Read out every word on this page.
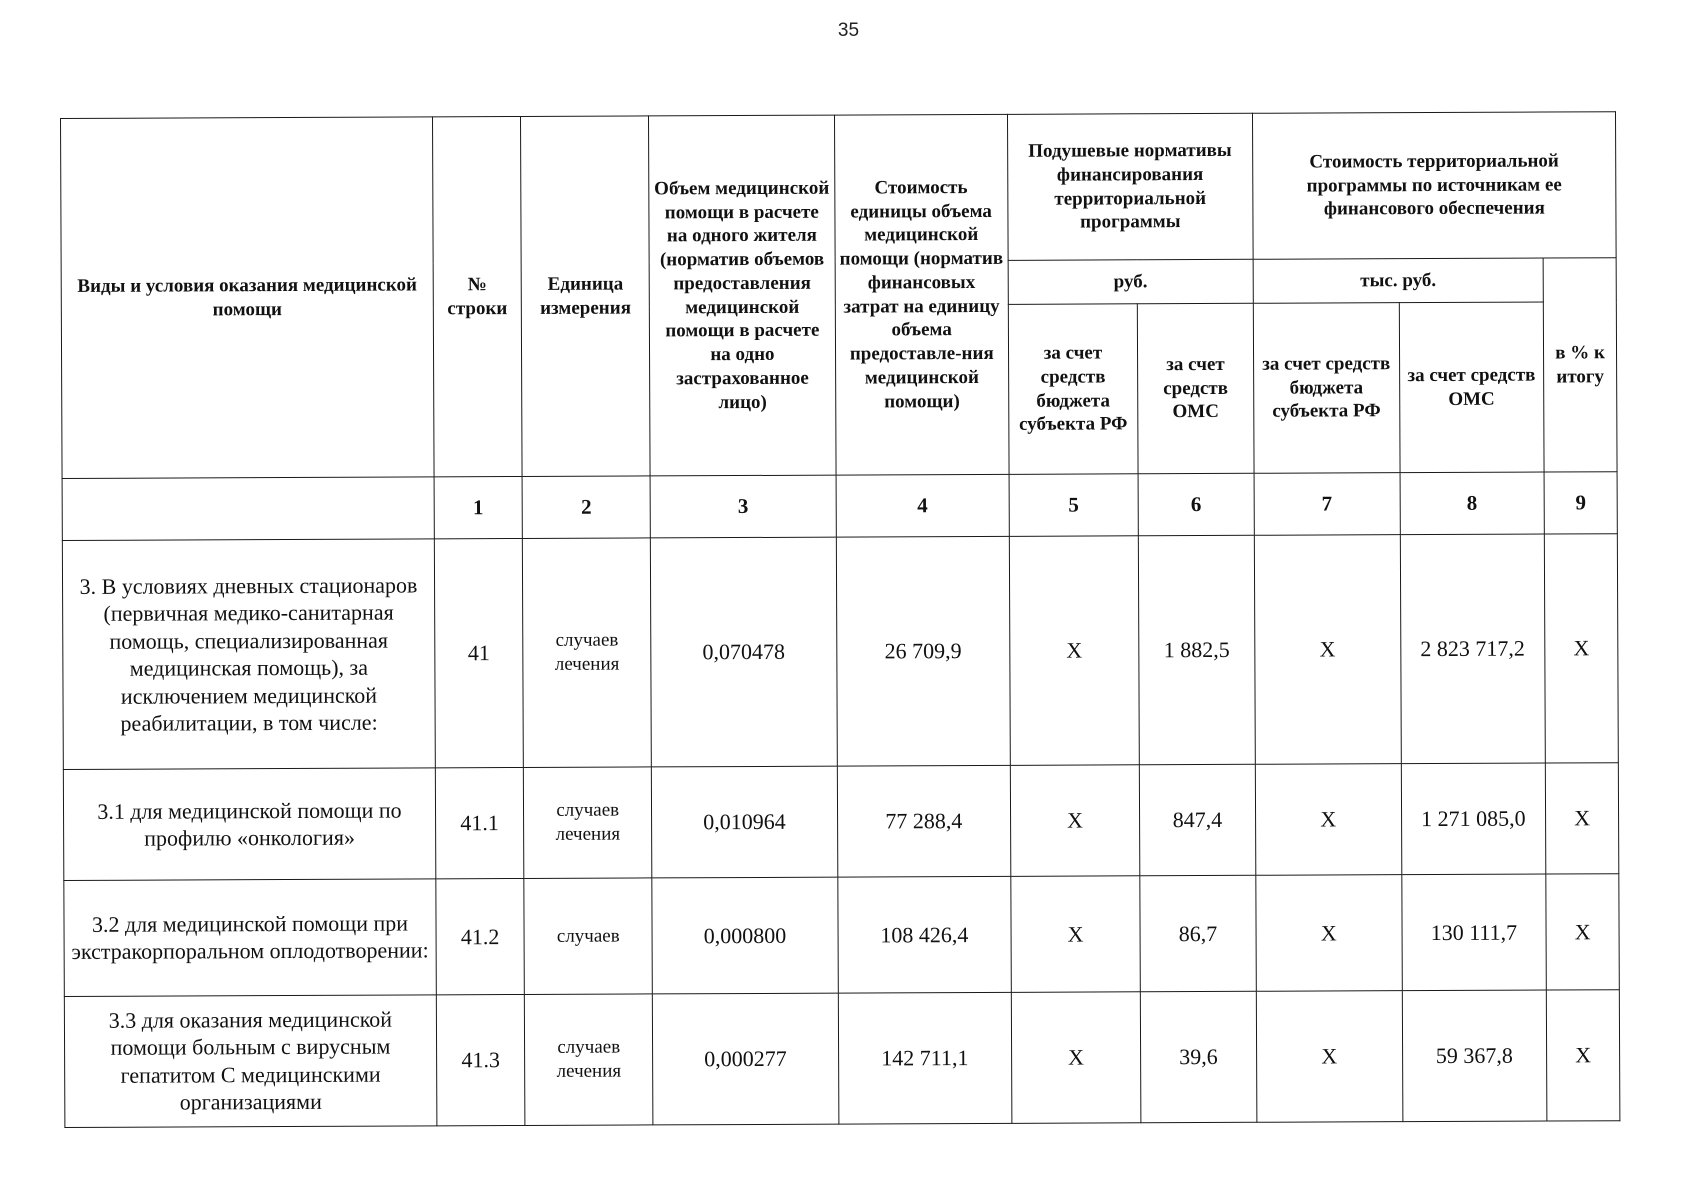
35
Виды и условия оказания медицинской помощи	№ строки	Единица измерения	Объем медицинской помощи в расчете на одного жителя (норматив объемов предоставления медицинской помощи в расчете на одно застрахованное лицо)	Стоимость единицы объема медицинской помощи (норматив финансовых затрат на единицу объема предоставле-ния медицинской помощи)	Подушевые нормативы финансирования территориальной программы		Стоимость территориальной программы по источникам ее финансового обеспечения		
					руб.		тыс. руб.		в % к итогу
					за счет средств бюджета субъекта РФ	за счет средств ОМС	за счет средств бюджета субъекта РФ	за счет средств ОМС	
	1	2	3	4	5	6	7	8	9
3. В условиях дневных стационаров (первичная медико-санитарная помощь, специализированная медицинская помощь), за исключением медицинской реабилитации, в том числе:	41	случаев лечения	0,070478	26 709,9	X	1 882,5	X	2 823 717,2	X
3.1 для медицинской помощи по профилю «онкология»	41.1	случаев лечения	0,010964	77 288,4	X	847,4	X	1 271 085,0	X
3.2 для медицинской помощи при экстракорпоральном оплодотворении:	41.2	случаев	0,000800	108 426,4	X	86,7	X	130 111,7	X
3.3 для оказания медицинской помощи больным с вирусным гепатитом С медицинскими организациями	41.3	случаев лечения	0,000277	142 711,1	X	39,6	X	59 367,8	X
